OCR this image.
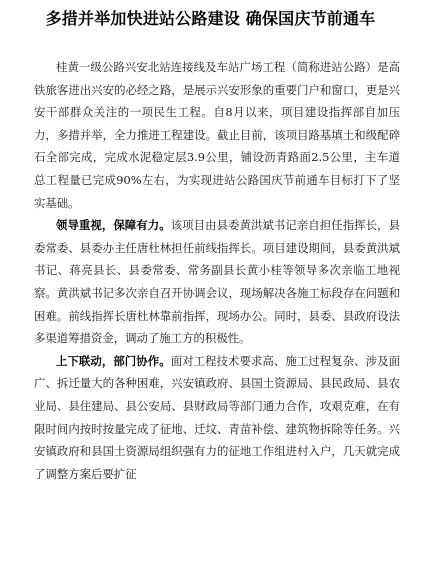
多措并举加快进站公路建设 确保国庆节前通车

桂黄一级公路兴安北站连接线及车站广场工程（简称进站公路）是高铁旅客进出兴安的必经之路，是展示兴安形象的重要门户和窗口，更是兴安干部群众关注的一项民生工程。自8月以来，项目建设指挥部自加压力，多措并举，全力推进工程建设。截止目前，该项目路基填土和级配碎石全部完成，完成水泥稳定层3.9公里，铺设沥青路面2.5公里，主车道总工程量已完成90%左右，为实现进站公路国庆节前通车目标打下了坚实基础。

领导重视，保障有力。该项目由县委黄洪斌书记亲自担任指挥长，县委常委、县委办主任唐杜林担任前线指挥长。项目建设期间，县委黄洪斌书记、蒋亮县长、县委常委、常务副县长黄小桂等领导多次亲临工地视察。黄洪斌书记多次亲自召开协调会议，现场解决各施工标段存在问题和困难。前线指挥长唐杜林靠前指挥，现场办公。同时，县委、县政府设法多渠道筹措资金，调动了施工方的积极性。

上下联动，部门协作。面对工程技术要求高、施工过程复杂、涉及面广、拆迁量大的各种困难，兴安镇政府、县国土资源局、县民政局、县农业局、县住建局、县公安局、县财政局等部门通力合作，攻艰克难，在有限时间内按时按量完成了征地、迁坟、青苗补偿、建筑物拆除等任务。兴安镇政府和县国土资源局组织强有力的征地工作组进村入户，几天就完成了调整方案后要扩征
